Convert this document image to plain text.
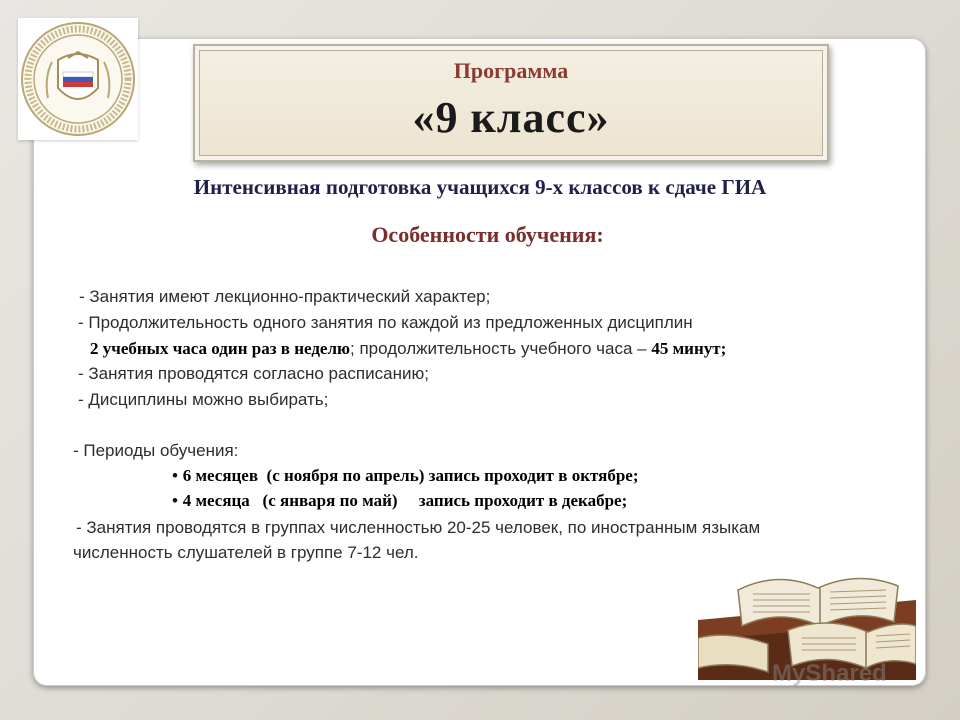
Программа
«9 класс»
Интенсивная подготовка учащихся 9-х классов к сдаче ГИА
Особенности обучения:
- Занятия имеют лекционно-практический характер;
- Продолжительность одного занятия по каждой из предложенных дисциплин
2 учебных часа один раз в неделю; продолжительность учебного часа – 45 минут;
- Занятия проводятся согласно расписанию;
- Дисциплины можно выбирать;
- Периоды обучения:
• 6 месяцев  (с ноября по апрель) запись проходит в октябре;
• 4 месяца   (с января по май)     запись проходит в декабре;
- Занятия проводятся в группах численностью 20-25 человек, по иностранным языкам
численность слушателей в группе 7-12 чел.
MyShared
